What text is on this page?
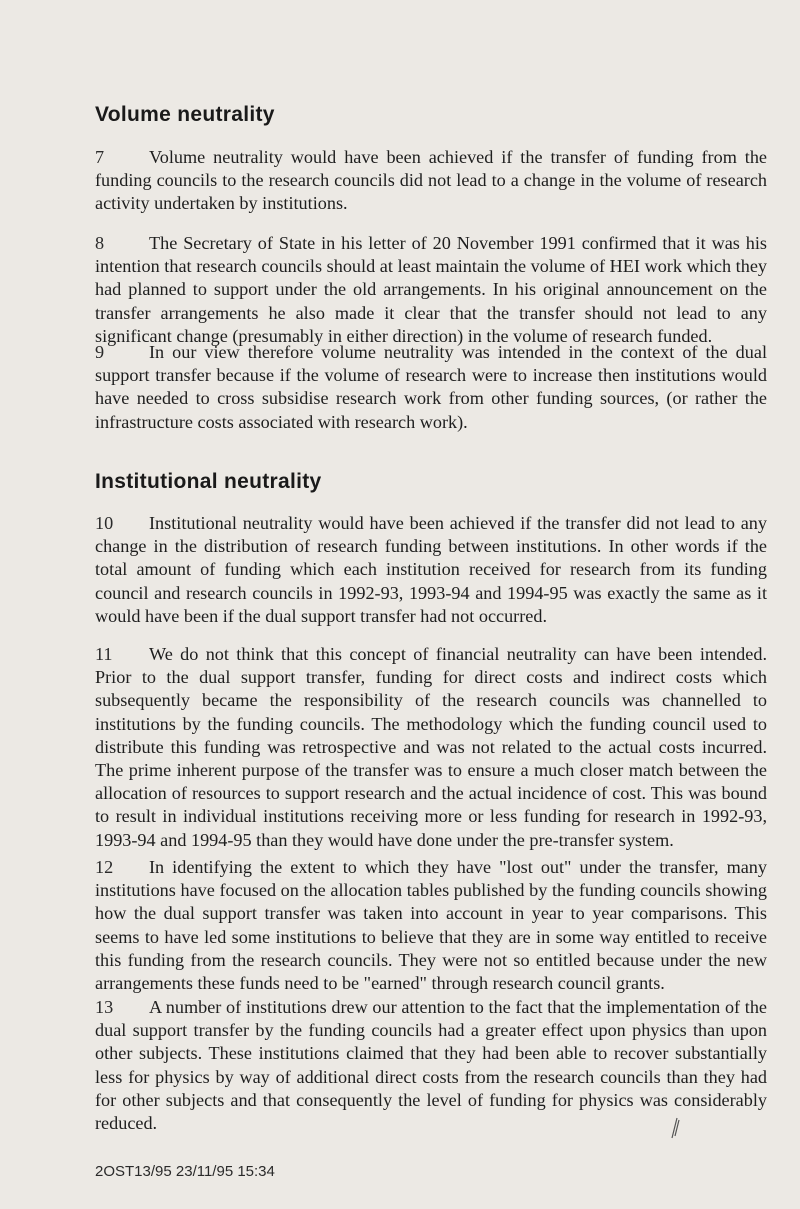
Volume neutrality

7 Volume neutrality would have been achieved if the transfer of funding from the funding councils to the research councils did not lead to a change in the volume of research activity undertaken by institutions.

8 The Secretary of State in his letter of 20 November 1991 confirmed that it was his intention that research councils should at least maintain the volume of HEI work which they had planned to support under the old arrangements. In his original announcement on the transfer arrangements he also made it clear that the transfer should not lead to any significant change (presumably in either direction) in the volume of research funded.

9 In our view therefore volume neutrality was intended in the context of the dual support transfer because if the volume of research were to increase then institutions would have needed to cross subsidise research work from other funding sources, (or rather the infrastructure costs associated with research work).

Institutional neutrality

10 Institutional neutrality would have been achieved if the transfer did not lead to any change in the distribution of research funding between institutions. In other words if the total amount of funding which each institution received for research from its funding council and research councils in 1992-93, 1993-94 and 1994-95 was exactly the same as it would have been if the dual support transfer had not occurred.

11 We do not think that this concept of financial neutrality can have been intended. Prior to the dual support transfer, funding for direct costs and indirect costs which subsequently became the responsibility of the research councils was channelled to institutions by the funding councils. The methodology which the funding council used to distribute this funding was retrospective and was not related to the actual costs incurred. The prime inherent purpose of the transfer was to ensure a much closer match between the allocation of resources to support research and the actual incidence of cost. This was bound to result in individual institutions receiving more or less funding for research in 1992-93, 1993-94 and 1994-95 than they would have done under the pre-transfer system.

12 In identifying the extent to which they have "lost out" under the transfer, many institutions have focused on the allocation tables published by the funding councils showing how the dual support transfer was taken into account in year to year comparisons. This seems to have led some institutions to believe that they are in some way entitled to receive this funding from the research councils. They were not so entitled because under the new arrangements these funds need to be "earned" through research council grants.

13 A number of institutions drew our attention to the fact that the implementation of the dual support transfer by the funding councils had a greater effect upon physics than upon other subjects. These institutions claimed that they had been able to recover substantially less for physics by way of additional direct costs from the research councils than they had for other subjects and that consequently the level of funding for physics was considerably reduced.

2OST13/95 23/11/95 15:34
